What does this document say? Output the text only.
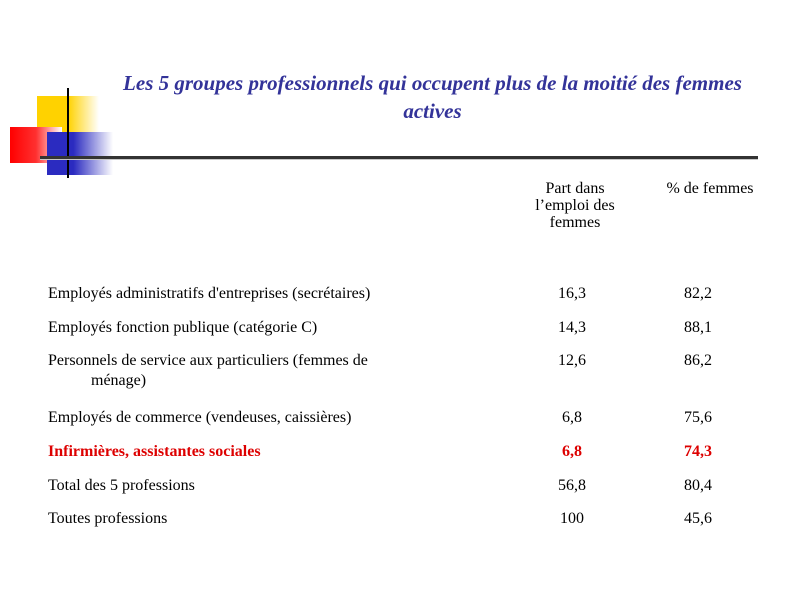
Les 5 groupes professionnels qui occupent plus de la moitié des femmes actives
Part dans l’emploi des femmes
% de femmes
Employés administratifs d'entreprises (secrétaires)	16,3	82,2
Employés fonction publique (catégorie C)	14,3	88,1
Personnels de service aux particuliers (femmes de
ménage)
12,6	86,2
Employés de commerce (vendeuses, caissières)	6,8	75,6
Infirmières, assistantes sociales	6,8	74,3
Total des 5 professions	56,8	80,4
Toutes professions	100	45,6
